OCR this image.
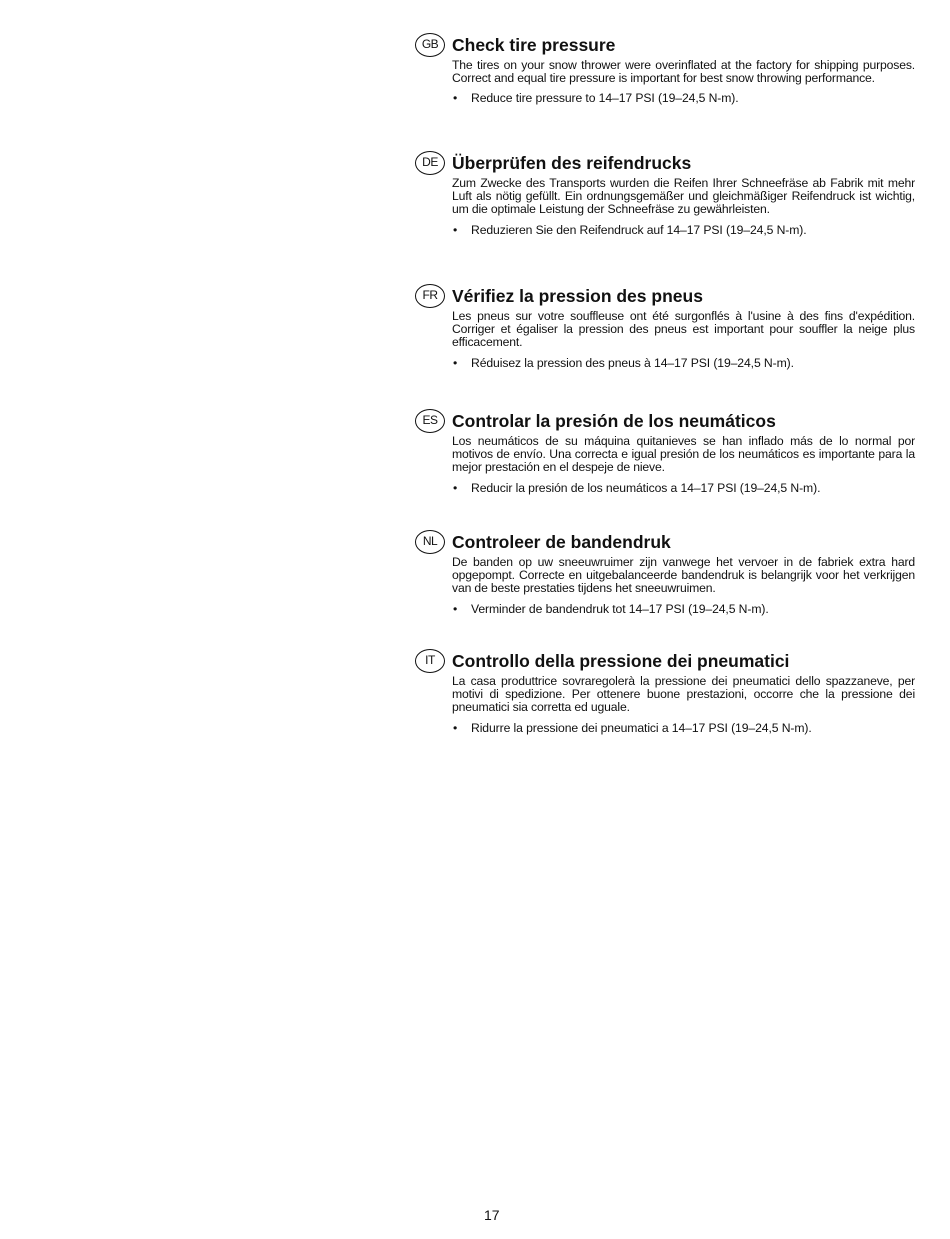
GB Check tire pressure

The tires on your snow thrower were overinflated at the factory for shipping purposes. Correct and equal tire pressure is important for best snow throwing performance.

• Reduce tire pressure to 14–17 PSI (19–24,5 N-m).
DE Überprüfen des reifendrucks

Zum Zwecke des Transports wurden die Reifen Ihrer Schneefräse ab Fabrik mit mehr Luft als nötig gefüllt. Ein ordnungsgemäßer und gleichmäßiger Reifendruck ist wichtig, um die optimale Leistung der Schneefräse zu gewährleisten.

• Reduzieren Sie den Reifendruck auf 14–17 PSI (19–24,5 N-m).
FR Vérifiez la pression des pneus

Les pneus sur votre souffleuse ont été surgonflés à l'usine à des fins d'expédition. Corriger et égaliser la pression des pneus est important pour souffler la neige plus efficacement.

• Réduisez la pression des pneus à 14–17 PSI (19–24,5 N-m).
ES Controlar la presión de los neumáticos

Los neumáticos de su máquina quitanieves se han inflado más de lo normal por motivos de envío. Una correcta e igual presión de los neumáticos es importante para la mejor prestación en el despeje de nieve.

• Reducir la presión de los neumáticos a 14–17 PSI (19–24,5 N-m).
NL Controleer de bandendruk

De banden op uw sneeuwruimer zijn vanwege het vervoer in de fabriek extra hard opgepompt. Correcte en uitgebalanceerde bandendruk is belangrijk voor het verkrijgen van de beste prestaties tijdens het sneeuwruimen.

• Verminder de bandendruk tot 14–17 PSI (19–24,5 N-m).
IT Controllo della pressione dei pneumatici

La casa produttrice sovraregolerà la pressione dei pneumatici dello spazzaneve, per motivi di spedizione. Per ottenere buone prestazioni, occorre che la pressione dei pneumatici sia corretta ed uguale.

• Ridurre la pressione dei pneumatici a 14–17 PSI (19–24,5 N-m).
17
